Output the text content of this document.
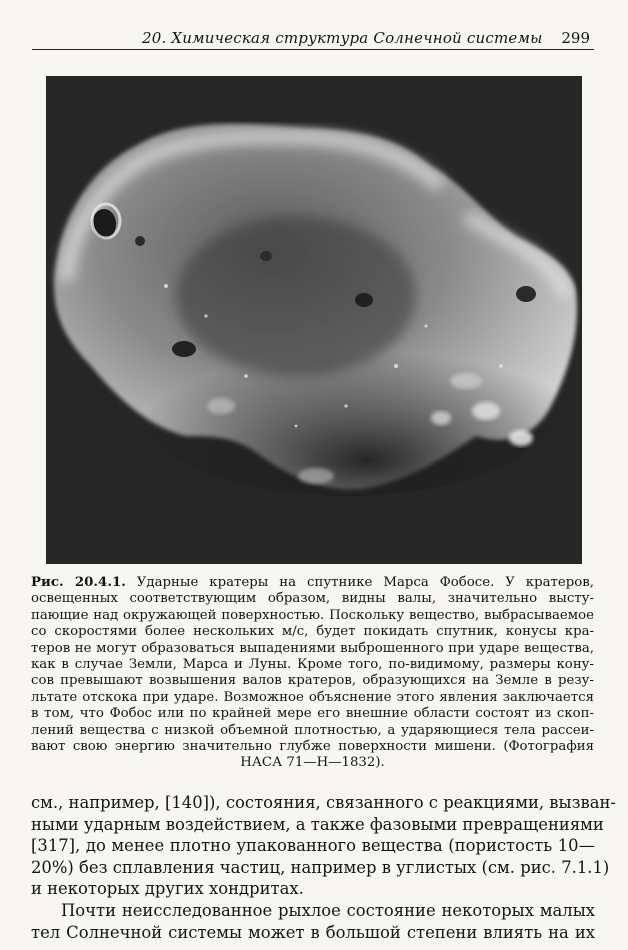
20. Химическая структура Солнечной системы 299
Рис. 20.4.1. Ударные кратеры на спутнике Марса Фобосе. У кратеров,
освещенных соответствующим образом, видны валы, значительно высту-
пающие над окружающей поверхностью. Поскольку вещество, выбрасываемое
со скоростями более нескольких м/с, будет покидать спутник, конусы кра-
теров не могут образоваться выпадениями выброшенного при ударе вещества,
как в случае Земли, Марса и Луны. Кроме того, по-видимому, размеры кону-
сов превышают возвышения валов кратеров, образующихся на Земле в резу-
льтате отскока при ударе. Возможное объяснение этого явления заключается
в том, что Фобос или по крайней мере его внешние области состоят из скоп-
лений вещества с низкой объемной плотностью, а ударяющиеся тела рассеи-
вают свою энергию значительно глубже поверхности мишени. (Фотография
НАСА 71—Н—1832).
см., например, [140]), состояния, связанного с реакциями, вызван-
ными ударным воздействием, а также фазовыми превращениями
[317], до менее плотно упакованного вещества (пористость 10—
20%) без сплавления частиц, например в углистых (см. рис. 7.1.1)
и некоторых других хондритах.
Почти неисследованное рыхлое состояние некоторых малых
тел Солнечной системы может в большой степени влиять на их
